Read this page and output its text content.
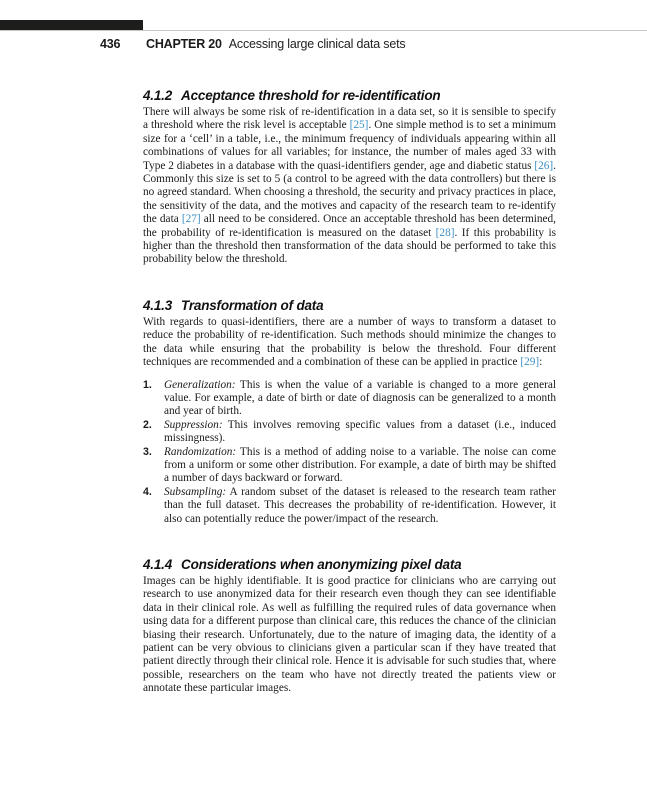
436	CHAPTER 20 Accessing large clinical data sets
4.1.2 Acceptance threshold for re-identification

There will always be some risk of re-identification in a data set, so it is sensible to specify a threshold where the risk level is acceptable [25]. One simple method is to set a minimum size for a ‘cell’ in a table, i.e., the minimum frequency of individuals appearing within all combinations of values for all variables; for instance, the number of males aged 33 with Type 2 diabetes in a database with the quasi-identifiers gender, age and diabetic status [26]. Commonly this size is set to 5 (a control to be agreed with the data controllers) but there is no agreed standard. When choosing a threshold, the security and privacy practices in place, the sensitivity of the data, and the motives and capacity of the research team to re-identify the data [27] all need to be considered. Once an acceptable threshold has been determined, the probability of re-identification is measured on the dataset [28]. If this probability is higher than the threshold then transformation of the data should be performed to take this probability below the threshold.

4.1.3 Transformation of data

With regards to quasi-identifiers, there are a number of ways to transform a dataset to reduce the probability of re-identification. Such methods should minimize the changes to the data while ensuring that the probability is below the threshold. Four different techniques are recommended and a combination of these can be applied in practice [29]:

1.	Generalization: This is when the value of a variable is changed to a more general value. For example, a date of birth or date of diagnosis can be generalized to a month and year of birth.
2.	Suppression: This involves removing specific values from a dataset (i.e., induced missingness).
3.	Randomization: This is a method of adding noise to a variable. The noise can come from a uniform or some other distribution. For example, a date of birth may be shifted a number of days backward or forward.
4.	Subsampling: A random subset of the dataset is released to the research team rather than the full dataset. This decreases the probability of re-identification. However, it also can potentially reduce the power/impact of the research.
4.1.4 Considerations when anonymizing pixel data

Images can be highly identifiable. It is good practice for clinicians who are carrying out research to use anonymized data for their research even though they can see identifiable data in their clinical role. As well as fulfilling the required rules of data governance when using data for a different purpose than clinical care, this reduces the chance of the clinician biasing their research. Unfortunately, due to the nature of imaging data, the identity of a patient can be very obvious to clinicians given a particular scan if they have treated that patient directly through their clinical role. Hence it is advisable for such studies that, where possible, researchers on the team who have not directly treated the patients view or annotate these particular images.
